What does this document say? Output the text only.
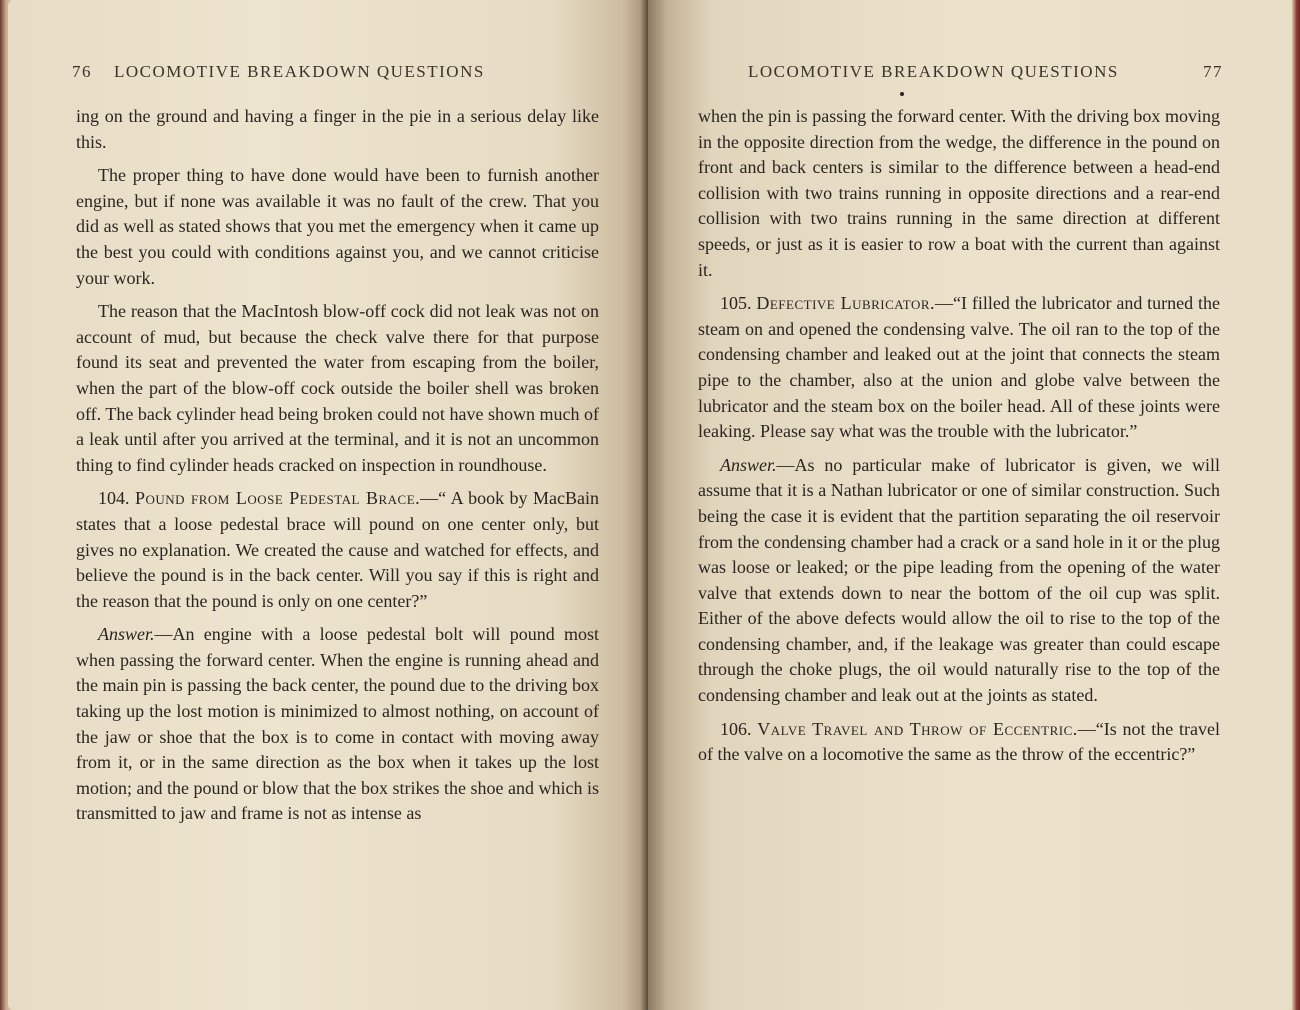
76 LOCOMOTIVE BREAKDOWN QUESTIONS

ing on the ground and having a finger in the pie in a serious delay like this.

The proper thing to have done would have been to furnish another engine, but if none was available it was no fault of the crew. That you did as well as stated shows that you met the emergency when it came up the best you could with conditions against you, and we cannot criticise your work.

The reason that the MacIntosh blow-off cock did not leak was not on account of mud, but because the check valve there for that purpose found its seat and prevented the water from escaping from the boiler, when the part of the blow-off cock outside the boiler shell was broken off. The back cylinder head being broken could not have shown much of a leak until after you arrived at the terminal, and it is not an uncommon thing to find cylinder heads cracked on inspection in roundhouse.

104. Pound from Loose Pedestal Brace.—“ A book by MacBain states that a loose pedestal brace will pound on one center only, but gives no explanation. We created the cause and watched for effects, and believe the pound is in the back center. Will you say if this is right and the reason that the pound is only on one center?”

Answer.—An engine with a loose pedestal bolt will pound most when passing the forward center. When the engine is running ahead and the main pin is passing the back center, the pound due to the driving box taking up the lost motion is minimized to almost nothing, on account of the jaw or shoe that the box is to come in contact with moving away from it, or in the same direction as the box when it takes up the lost motion; and the pound or blow that the box strikes the shoe and which is transmitted to jaw and frame is not as intense as

LOCOMOTIVE BREAKDOWN QUESTIONS	77

when the pin is passing the forward center. With the driving box moving in the opposite direction from the wedge, the difference in the pound on front and back centers is similar to the difference between a head-end collision with two trains running in opposite directions and a rear-end collision with two trains running in the same direction at different speeds, or just as it is easier to row a boat with the current than against it.

105. Defective Lubricator.—“I filled the lubricator and turned the steam on and opened the condensing valve. The oil ran to the top of the condensing chamber and leaked out at the joint that connects the steam pipe to the chamber, also at the union and globe valve between the lubricator and the steam box on the boiler head. All of these joints were leaking. Please say what was the trouble with the lubricator.”

Answer.—As no particular make of lubricator is given, we will assume that it is a Nathan lubricator or one of similar construction. Such being the case it is evident that the partition separating the oil reservoir from the condensing chamber had a crack or a sand hole in it or the plug was loose or leaked; or the pipe leading from the opening of the water valve that extends down to near the bottom of the oil cup was split. Either of the above defects would allow the oil to rise to the top of the condensing chamber, and, if the leakage was greater than could escape through the choke plugs, the oil would naturally rise to the top of the condensing chamber and leak out at the joints as stated.

106. Valve Travel and Throw of Eccentric.—“Is not the travel of the valve on a locomotive the same as the throw of the eccentric?”
